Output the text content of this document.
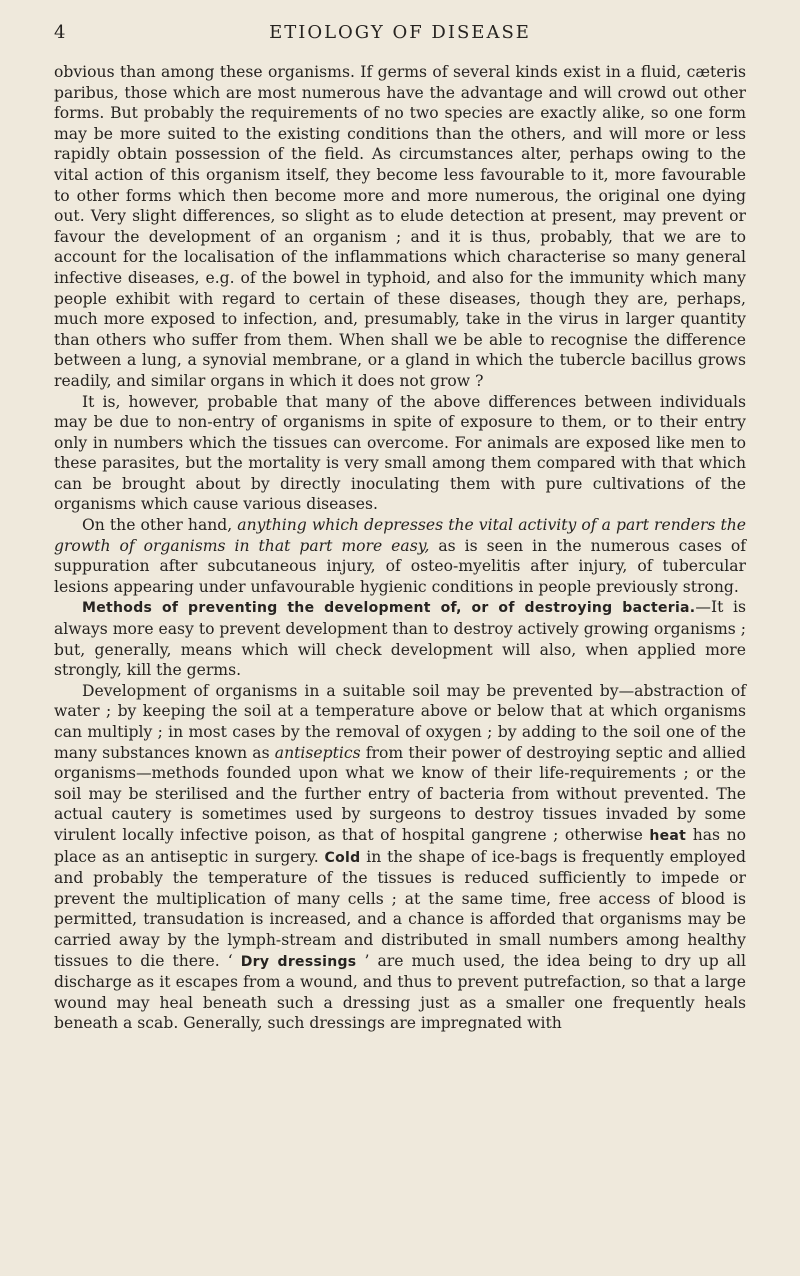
4	ETIOLOGY OF DISEASE

obvious than among these organisms. If germs of several kinds exist in a fluid, cæteris paribus, those which are most numerous have the advantage and will crowd out other forms. But probably the requirements of no two species are exactly alike, so one form may be more suited to the existing conditions than the others, and will more or less rapidly obtain possession of the field. As circumstances alter, perhaps owing to the vital action of this organism itself, they become less favourable to it, more favourable to other forms which then become more and more numerous, the original one dying out. Very slight differences, so slight as to elude detection at present, may prevent or favour the development of an organism ; and it is thus, probably, that we are to account for the localisation of the inflammations which characterise so many general infective diseases, e.g. of the bowel in typhoid, and also for the immunity which many people exhibit with regard to certain of these diseases, though they are, perhaps, much more exposed to infection, and, presumably, take in the virus in larger quantity than others who suffer from them. When shall we be able to recognise the difference between a lung, a synovial membrane, or a gland in which the tubercle bacillus grows readily, and similar organs in which it does not grow ?

It is, however, probable that many of the above differences between individuals may be due to non-entry of organisms in spite of exposure to them, or to their entry only in numbers which the tissues can overcome. For animals are exposed like men to these parasites, but the mortality is very small among them compared with that which can be brought about by directly inoculating them with pure cultivations of the organisms which cause various diseases.

On the other hand, anything which depresses the vital activity of a part renders the growth of organisms in that part more easy, as is seen in the numerous cases of suppuration after subcutaneous injury, of osteo-myelitis after injury, of tubercular lesions appearing under unfavourable hygienic conditions in people previously strong.

Methods of preventing the development of, or of destroying bacteria.—It is always more easy to prevent development than to destroy actively growing organisms ; but, generally, means which will check development will also, when applied more strongly, kill the germs.

Development of organisms in a suitable soil may be prevented by—abstraction of water ; by keeping the soil at a temperature above or below that at which organisms can multiply ; in most cases by the removal of oxygen ; by adding to the soil one of the many substances known as antiseptics from their power of destroying septic and allied organisms—methods founded upon what we know of their life-requirements ; or the soil may be sterilised and the further entry of bacteria from without prevented. The actual cautery is sometimes used by surgeons to destroy tissues invaded by some virulent locally infective poison, as that of hospital gangrene ; otherwise heat has no place as an antiseptic in surgery. Cold in the shape of ice-bags is frequently employed and probably the temperature of the tissues is reduced sufficiently to impede or prevent the multiplication of many cells ; at the same time, free access of blood is permitted, transudation is increased, and a chance is afforded that organisms may be carried away by the lymph-stream and distributed in small numbers among healthy tissues to die there. ‘ Dry dressings ’ are much used, the idea being to dry up all discharge as it escapes from a wound, and thus to prevent putrefaction, so that a large wound may heal beneath such a dressing just as a smaller one frequently heals beneath a scab. Generally, such dressings are impregnated with
